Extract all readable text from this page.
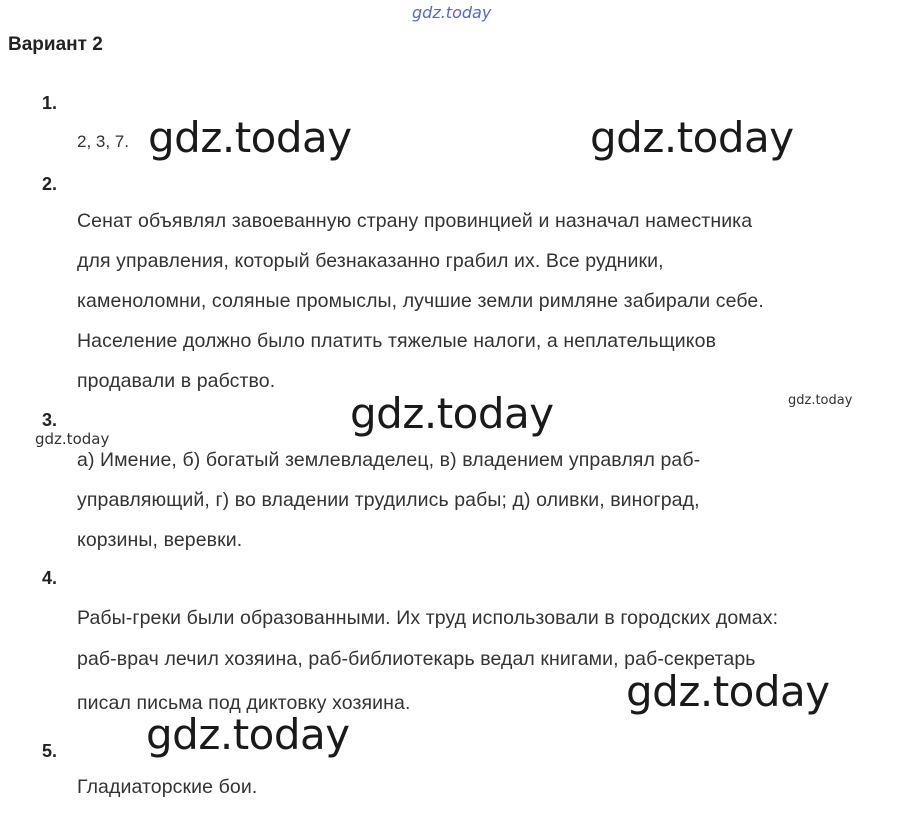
gdz.today
Вариант 2
1.
2, 3, 7.
2.
Сенат объявлял завоеванную страну провинцией и назначал наместника
для управления, который безнаказанно грабил их. Все рудники,
каменоломни, соляные промыслы, лучшие земли римляне забирали себе.
Население должно было платить тяжелые налоги, а неплательщиков
продавали в рабство.
3.
а) Имение, б) богатый землевладелец, в) владением управлял раб-
управляющий, г) во владении трудились рабы; д) оливки, виноград,
корзины, веревки.
4.
Рабы-греки были образованными. Их труд использовали в городских домах:
раб-врач лечил хозяина, раб-библиотекарь ведал книгами, раб-секретарь
писал письма под диктовку хозяина.
5.
Гладиаторские бои.
gdz.today	gdz.today
gdz.today
gdz.today
gdz.today
gdz.today
gdz.today
